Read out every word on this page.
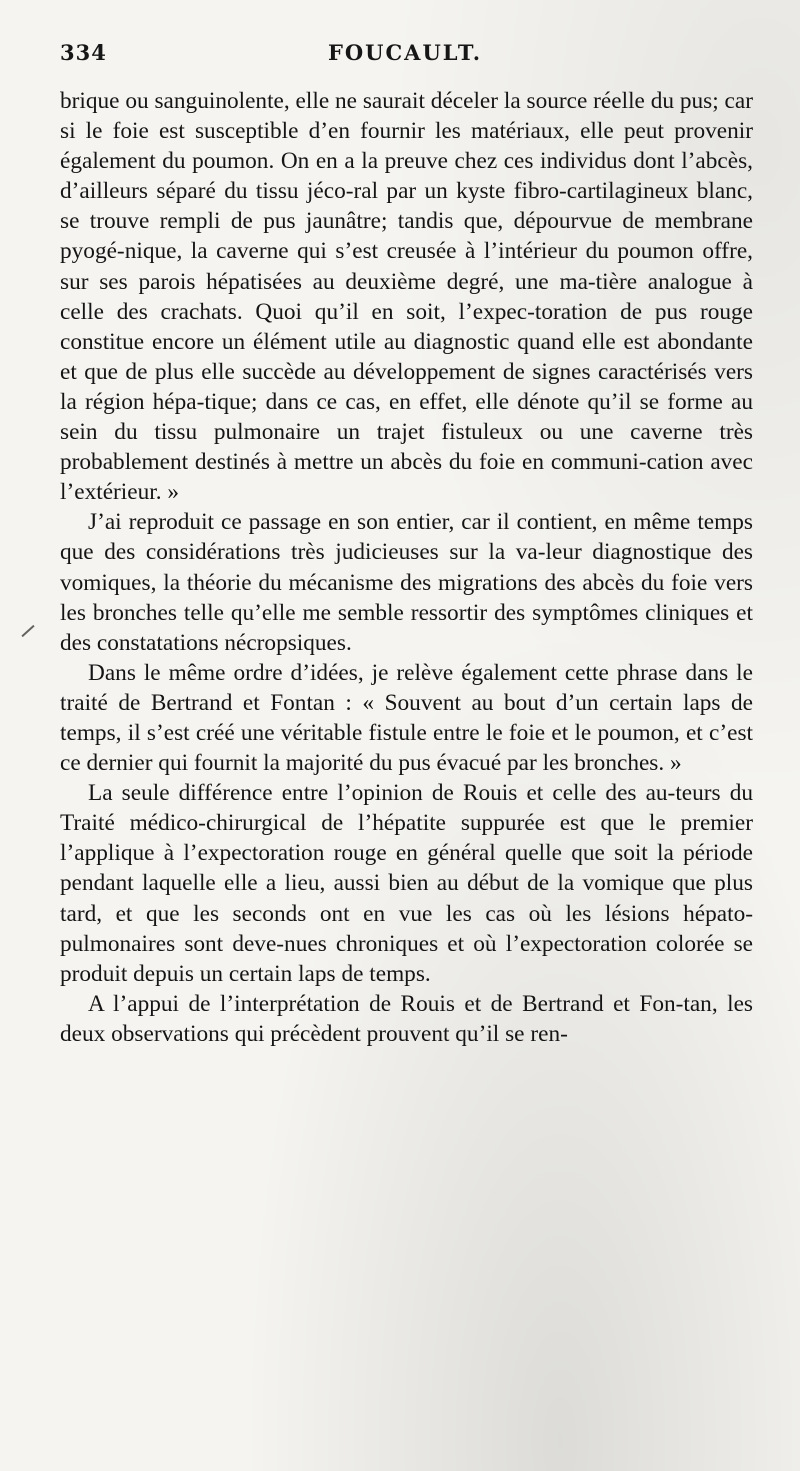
334	FOUCAULT.

brique ou sanguinolente, elle ne saurait déceler la source réelle du pus; car si le foie est susceptible d’en fournir les matériaux, elle peut provenir également du poumon. On en a la preuve chez ces individus dont l’abcès, d’ailleurs séparé du tissu jéco-ral par un kyste fibro-cartilagineux blanc, se trouve rempli de pus jaunâtre; tandis que, dépourvue de membrane pyogé-nique, la caverne qui s’est creusée à l’intérieur du poumon offre, sur ses parois hépatisées au deuxième degré, une ma-tière analogue à celle des crachats. Quoi qu’il en soit, l’expec-toration de pus rouge constitue encore un élément utile au diagnostic quand elle est abondante et que de plus elle succède au développement de signes caractérisés vers la région hépa-tique; dans ce cas, en effet, elle dénote qu’il se forme au sein du tissu pulmonaire un trajet fistuleux ou une caverne très probablement destinés à mettre un abcès du foie en communi-cation avec l’extérieur. »

J’ai reproduit ce passage en son entier, car il contient, en même temps que des considérations très judicieuses sur la va-leur diagnostique des vomiques, la théorie du mécanisme des migrations des abcès du foie vers les bronches telle qu’elle me semble ressortir des symptômes cliniques et des constatations nécropsiques.

Dans le même ordre d’idées, je relève également cette phrase dans le traité de Bertrand et Fontan : « Souvent au bout d’un certain laps de temps, il s’est créé une véritable fistule entre le foie et le poumon, et c’est ce dernier qui fournit la majorité du pus évacué par les bronches. »

La seule différence entre l’opinion de Rouis et celle des au-teurs du Traité médico-chirurgical de l’hépatite suppurée est que le premier l’applique à l’expectoration rouge en général quelle que soit la période pendant laquelle elle a lieu, aussi bien au début de la vomique que plus tard, et que les seconds ont en vue les cas où les lésions hépato-pulmonaires sont deve-nues chroniques et où l’expectoration colorée se produit depuis un certain laps de temps.

A l’appui de l’interprétation de Rouis et de Bertrand et Fon-tan, les deux observations qui précèdent prouvent qu’il se ren-
